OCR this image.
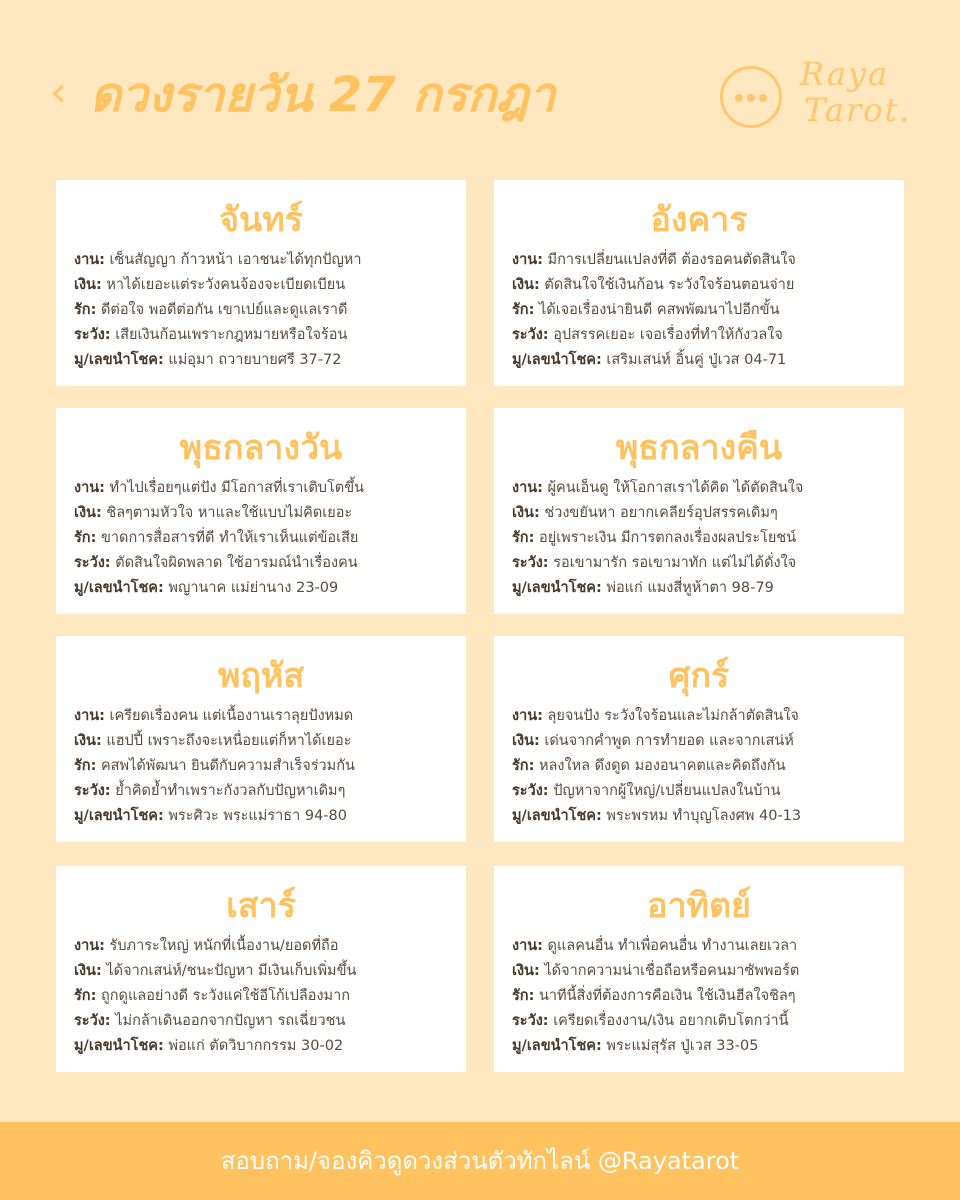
‹ ดวงรายวัน 27 กรกฎา	Raya
Tarot.
จันทร์
งาน: เซ็นสัญญา ก้าวหน้า เอาชนะได้ทุกปัญหา
เงิน: หาได้เยอะแต่ระวังคนจ้องจะเบียดเบียน
รัก: ดีต่อใจ พอดีต่อกัน เขาเปย์และดูแลเราดี
ระวัง: เสียเงินก้อนเพราะกฎหมายหรือใจร้อน
มู/เลขนำโชค: แม่อุมา ถวายบายศรี 37-72
อังคาร
งาน: มีการเปลี่ยนแปลงที่ดี ต้องรอคนตัดสินใจ
เงิน: ตัดสินใจใช้เงินก้อน ระวังใจร้อนตอนจ่าย
รัก: ได้เจอเรื่องน่ายินดี คสพพัฒนาไปอีกขั้น
ระวัง: อุปสรรคเยอะ เจอเรื่องที่ทำให้กังวลใจ
มู/เลขนำโชค: เสริมเสน่ห์ อิ้นคู่ ปู่เวส 04-71
พุธกลางวัน
งาน: ทำไปเรื่อยๆแต่ปัง มีโอกาสที่เราเติบโตขึ้น
เงิน: ชิลๆตามหัวใจ หาและใช้แบบไม่คิดเยอะ
รัก: ขาดการสื่อสารที่ดี ทำให้เราเห็นแต่ข้อเสีย
ระวัง: ตัดสินใจผิดพลาด ใช้อารมณ์นำเรื่องคน
มู/เลขนำโชค: พญานาค แม่ย่านาง 23-09
พุธกลางคืน
งาน: ผู้คนเอ็นดู ให้โอกาสเราได้คิด ได้ตัดสินใจ
เงิน: ช่วงขยันหา อยากเคลียร์อุปสรรคเดิมๆ
รัก: อยู่เพราะเงิน มีการตกลงเรื่องผลประโยชน์
ระวัง: รอเขามารัก รอเขามาทัก แต่ไม่ได้ดั่งใจ
มู/เลขนำโชค: พ่อแก่ แมงสี่หูห้าตา 98-79
พฤหัส
งาน: เครียดเรื่องคน แต่เนื้องานเราลุยปังหมด
เงิน: แฮปปี้ เพราะถึงจะเหนื่อยแต่ก็หาได้เยอะ
รัก: คสพได้พัฒนา ยินดีกับความสำเร็จร่วมกัน
ระวัง: ย้ำคิดย้ำทำเพราะกังวลกับปัญหาเดิมๆ
มู/เลขนำโชค: พระศิวะ พระแม่ราธา 94-80
ศุกร์
งาน: ลุยจนปัง ระวังใจร้อนและไม่กล้าตัดสินใจ
เงิน: เด่นจากคำพูด การทำยอด และจากเสน่ห์
รัก: หลงใหล ดึงดูด มองอนาคตและคิดถึงกัน
ระวัง: ปัญหาจากผู้ใหญ่/เปลี่ยนแปลงในบ้าน
มู/เลขนำโชค: พระพรหม ทำบุญโลงศพ 40-13
เสาร์
งาน: รับภาระใหญ่ หนักที่เนื้องาน/ยอดที่ถือ
เงิน: ได้จากเสน่ห์/ชนะปัญหา มีเงินเก็บเพิ่มขึ้น
รัก: ถูกดูแลอย่างดี ระวังแค่ใช้อีโก้เปลืองมาก
ระวัง: ไม่กล้าเดินออกจากปัญหา รถเฉี่ยวชน
มู/เลขนำโชค: พ่อแก่ ตัดวิบากกรรม 30-02
อาทิตย์
งาน: ดูแลคนอื่น ทำเพื่อคนอื่น ทำงานเลยเวลา
เงิน: ได้จากความน่าเชื่อถือหรือคนมาซัพพอร์ต
รัก: นาทีนี้สิ่งที่ต้องการคือเงิน ใช้เงินฮีลใจชิลๆ
ระวัง: เครียดเรื่องงาน/เงิน อยากเติบโตกว่านี้
มู/เลขนำโชค: พระแม่สุรัส ปู่เวส 33-05
สอบถาม/จองคิวดูดวงส่วนตัวทักไลน์ @Rayatarot
